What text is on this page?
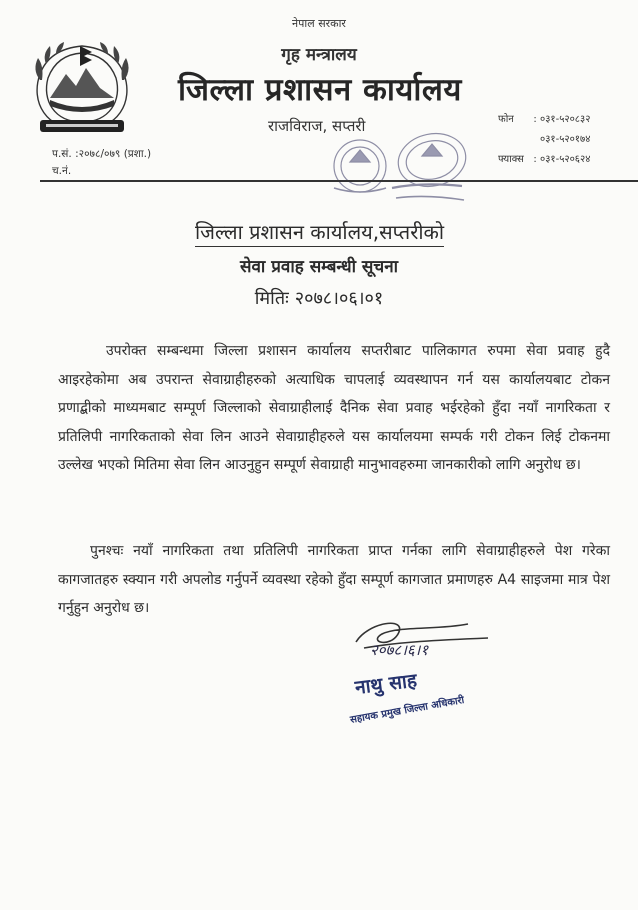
नेपाल सरकार
गृह मन्त्रालय
जिल्ला प्रशासन कार्यालय
राजविराज, सप्तरी	फोन : ०३१-५२०८३२
०३१-५२०१७४
फ्याक्स : ०३१-५२०६२४
प.सं. :२०७८/०७९ (प्रशा.)
च.नं.
जिल्ला प्रशासन कार्यालय,सप्तरीको
सेवा प्रवाह सम्बन्धी सूचना
मितिः २०७८।०६।०१
उपरोक्त सम्बन्धमा जिल्ला प्रशासन कार्यालय सप्तरीबाट पालिकागत रुपमा सेवा प्रवाह हुदै आइरहेकोमा अब उपरान्त सेवाग्राहीहरुको अत्याधिक चापलाई व्यवस्थापन गर्न यस कार्यालयबाट टोकन प्रणाद्बीको माध्यमबाट सम्पूर्ण जिल्लाको सेवाग्राहीलाई दैनिक सेवा प्रवाह भईरहेको हुँदा नयाँ नागरिकता र प्रतिलिपी नागरिकताको सेवा लिन आउने सेवाग्राहीहरुले यस कार्यालयमा सम्पर्क गरी टोकन लिई टोकनमा उल्लेख भएको मितिमा सेवा लिन आउनुहुन सम्पूर्ण सेवाग्राही मानुभावहरुमा जानकारीको लागि अनुरोध छ।
पुनश्चः नयाँ नागरिकता तथा प्रतिलिपी नागरिकता प्राप्त गर्नका लागि सेवाग्राहीहरुले पेश गरेका कागजातहरु स्क्यान गरी अपलोड गर्नुपर्ने व्यवस्था रहेको हुँदा सम्पूर्ण कागजात प्रमाणहरु A4 साइजमा मात्र पेश गर्नुहुन अनुरोध छ।
२०७८।६।१
नाथु साह
सहायक प्रमुख जिल्ला अधिकारी
